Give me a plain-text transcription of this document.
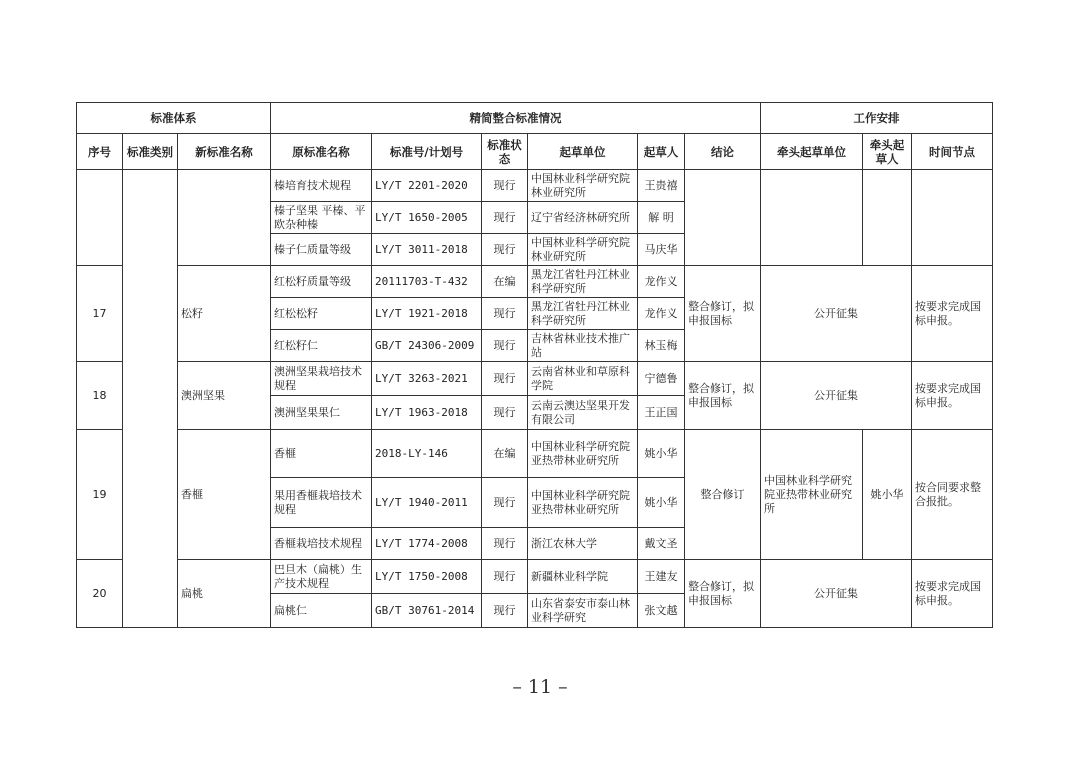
标准体系			精简整合标准情况						工作安排		
序号	标准类别	新标准名称	原标准名称	标准号/计划号	标准状态	起草单位	起草人	结论	牵头起草单位	牵头起草人	时间节点
			榛培育技术规程	LY/T 2201-2020	现行	中国林业科学研究院林业研究所	王贵禧				
			榛子坚果 平榛、平欧杂种榛	LY/T 1650-2005	现行	辽宁省经济林研究所	解 明				
			榛子仁质量等级	LY/T 3011-2018	现行	中国林业科学研究院林业研究所	马庆华				
17		松籽	红松籽质量等级	20111703-T-432	在编	黑龙江省牡丹江林业科学研究所	龙作义	整合修订，拟申报国标	公开征集		按要求完成国标申报。
			红松松籽	LY/T 1921-2018	现行	黑龙江省牡丹江林业科学研究所	龙作义				
			红松籽仁	GB/T 24306-2009	现行	吉林省林业技术推广站	林玉梅				
18		澳洲坚果	澳洲坚果栽培技术规程	LY/T 3263-2021	现行	云南省林业和草原科学院	宁德鲁	整合修订，拟申报国标	公开征集		按要求完成国标申报。
			澳洲坚果果仁	LY/T 1963-2018	现行	云南云澳达坚果开发有限公司	王正国				
19		香榧	香榧	2018-LY-146	在编	中国林业科学研究院亚热带林业研究所	姚小华	整合修订	中国林业科学研究院亚热带林业研究所	姚小华	按合同要求整合报批。
			果用香榧栽培技术规程	LY/T 1940-2011	现行	中国林业科学研究院亚热带林业研究所	姚小华				
			香榧栽培技术规程	LY/T 1774-2008	现行	浙江农林大学	戴文圣				
20		扁桃	巴旦木（扁桃）生产技术规程	LY/T 1750-2008	现行	新疆林业科学院	王建友	整合修订，拟申报国标	公开征集		按要求完成国标申报。
			扁桃仁	GB/T 30761-2014	现行	山东省泰安市泰山林业科学研究	张文越				
– 11 –
